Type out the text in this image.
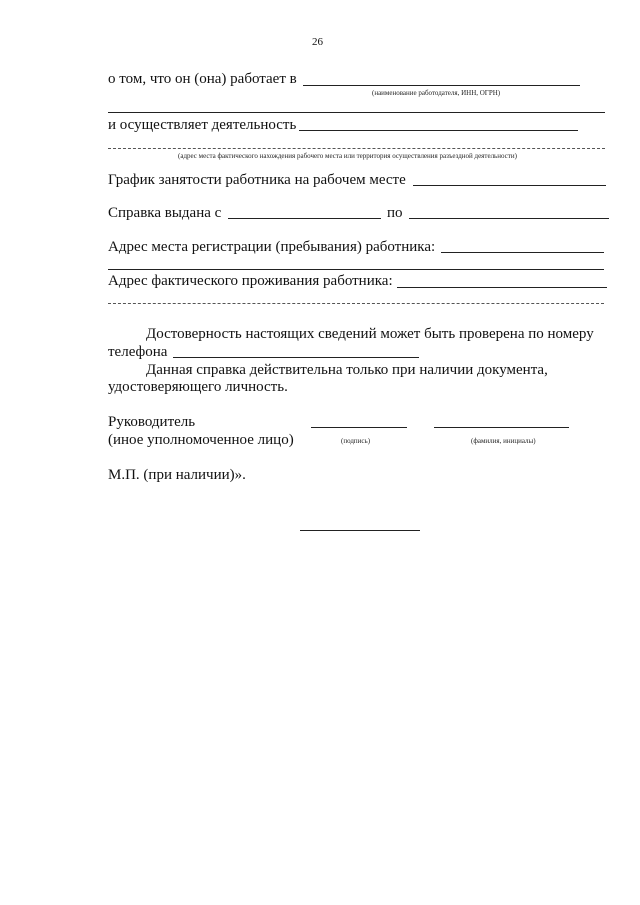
26
о том, что он (она) работает в
(наименование работодателя, ИНН, ОГРН)
и осуществляет деятельность
(адрес места фактического нахождения рабочего места или территория осуществления разъездной деятельности)
График занятости работника на рабочем месте
Справка выдана с	по
Адрес места регистрации (пребывания) работника:
Адрес фактического проживания работника:
Достоверность настоящих сведений может быть проверена по номеру
телефона
Данная справка действительна только при наличии документа,
удостоверяющего личность.
Руководитель
(иное уполномоченное лицо)	(подпись)	(фамилия, инициалы)
М.П. (при наличии)».
